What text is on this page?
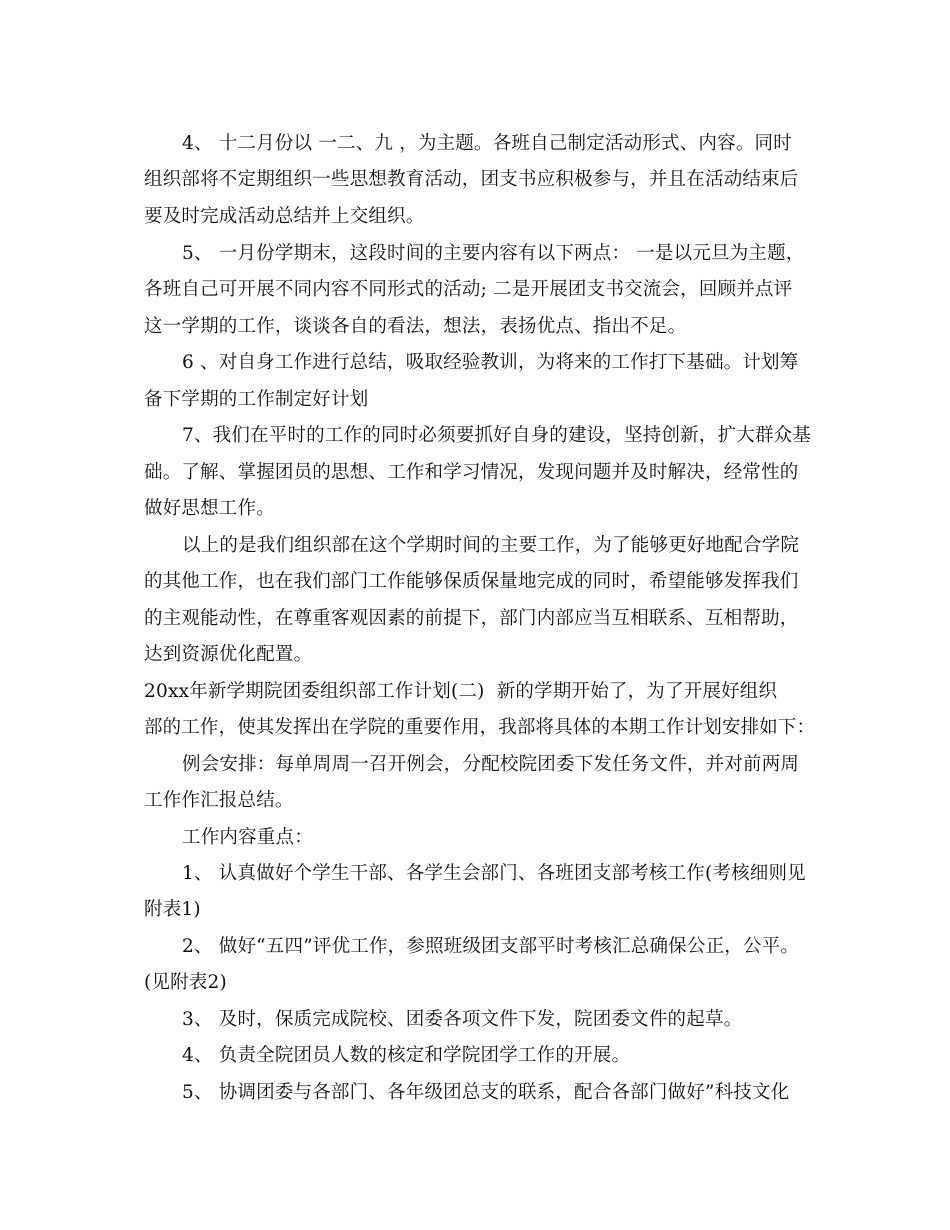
4、 十二月份以 一二、九 ，为主题。各班自己制定活动形式、内容。同时
组织部将不定期组织一些思想教育活动，团支书应积极参与，并且在活动结束后
要及时完成活动总结并上交组织。
5、 一月份学期末，这段时间的主要内容有以下两点： 一是以元旦为主题，
各班自己可开展不同内容不同形式的活动; 二是开展团支书交流会，回顾并点评
这一学期的工作，谈谈各自的看法，想法，表扬优点、指出不足。
6 、对自身工作进行总结，吸取经验教训，为将来的工作打下基础。计划筹
备下学期的工作制定好计划
7、我们在平时的工作的同时必须要抓好自身的建设，坚持创新，扩大群众基
础。了解、掌握团员的思想、工作和学习情况，发现问题并及时解决，经常性的
做好思想工作。
以上的是我们组织部在这个学期时间的主要工作，为了能够更好地配合学院
的其他工作，也在我们部门工作能够保质保量地完成的同时，希望能够发挥我们
的主观能动性，在尊重客观因素的前提下，部门内部应当互相联系、互相帮助，
达到资源优化配置。
20xx年新学期院团委组织部工作计划(二)  新的学期开始了，为了开展好组织
部的工作，使其发挥出在学院的重要作用，我部将具体的本期工作计划安排如下：
例会安排：每单周周一召开例会，分配校院团委下发任务文件，并对前两周
工作作汇报总结。
工作内容重点：
1、 认真做好个学生干部、各学生会部门、各班团支部考核工作(考核细则见
附表1)
2、 做好“五四”评优工作，参照班级团支部平时考核汇总确保公正，公平。
(见附表2)
3、 及时，保质完成院校、团委各项文件下发，院团委文件的起草。
4、 负责全院团员人数的核定和学院团学工作的开展。
5、 协调团委与各部门、各年级团总支的联系，配合各部门做好”科技文化
